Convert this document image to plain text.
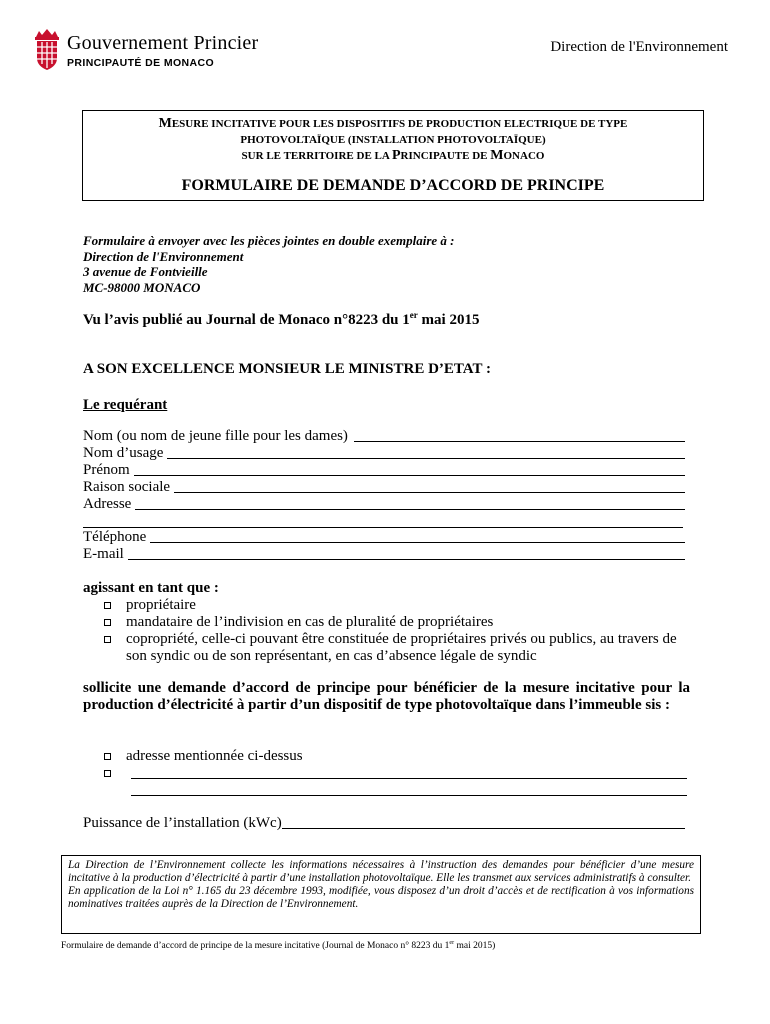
Gouvernement Princier
PRINCIPAUTÉ DE MONACO
Direction de l'Environnement
MESURE INCITATIVE POUR LES DISPOSITIFS DE PRODUCTION ELECTRIQUE DE TYPE
PHOTOVOLTAÏQUE (INSTALLATION PHOTOVOLTAÏQUE)
SUR LE TERRITOIRE DE LA PRINCIPAUTE DE MONACO
FORMULAIRE DE DEMANDE D’ACCORD DE PRINCIPE
Formulaire à envoyer avec les pièces jointes en double exemplaire à :
Direction de l'Environnement
3 avenue de Fontvieille
MC-98000 MONACO
Vu l’avis publié au Journal de Monaco n°8223 du 1er mai 2015
A SON EXCELLENCE MONSIEUR LE MINISTRE D’ETAT :
Le requérant
Nom (ou nom de jeune fille pour les dames)
Nom d’usage
Prénom
Raison sociale
Adresse
Téléphone
E-mail
agissant en tant que :
propriétaire
mandataire de l’indivision en cas de pluralité de propriétaires
copropriété, celle-ci pouvant être constituée de propriétaires privés ou publics, au travers de son syndic ou de son représentant, en cas d’absence légale de syndic
sollicite une demande d’accord de principe pour bénéficier de la mesure incitative pour la production d’électricité à partir d’un dispositif de type photovoltaïque dans l’immeuble sis :
adresse mentionnée ci-dessus
Puissance de l’installation (kWc)

La Direction de l’Environnement collecte les informations nécessaires à l’instruction des demandes pour bénéficier d’une mesure incitative à la production d’électricité à partir d’une installation photovoltaïque. Elle les transmet aux services administratifs à consulter.

En application de la Loi n° 1.165 du 23 décembre 1993, modifiée, vous disposez d’un droit d’accès et de rectification à vos informations nominatives traitées auprès de la Direction de l’Environnement.

Formulaire de demande d’accord de principe de la mesure incitative (Journal de Monaco n° 8223 du 1er mai 2015)
